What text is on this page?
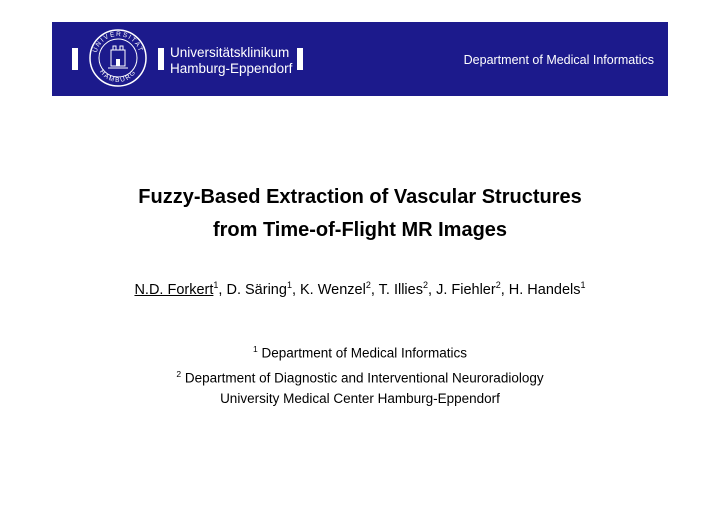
UNIVERSITAT
HAMBURG
Universitätsklinikum
Hamburg-Eppendorf
Department of Medical Informatics
Fuzzy-Based Extraction of Vascular Structures
from Time-of-Flight MR Images
N.D. Forkert$^1$, D. Säring$^1$, K. Wenzel$^2$, T. Illies$^2$, J. Fiehler$^2$, H. Handels$^1$
$^1$ Department of Medical Informatics
$^2$ Department of Diagnostic and Interventional Neuroradiology
University Medical Center Hamburg-Eppendorf
